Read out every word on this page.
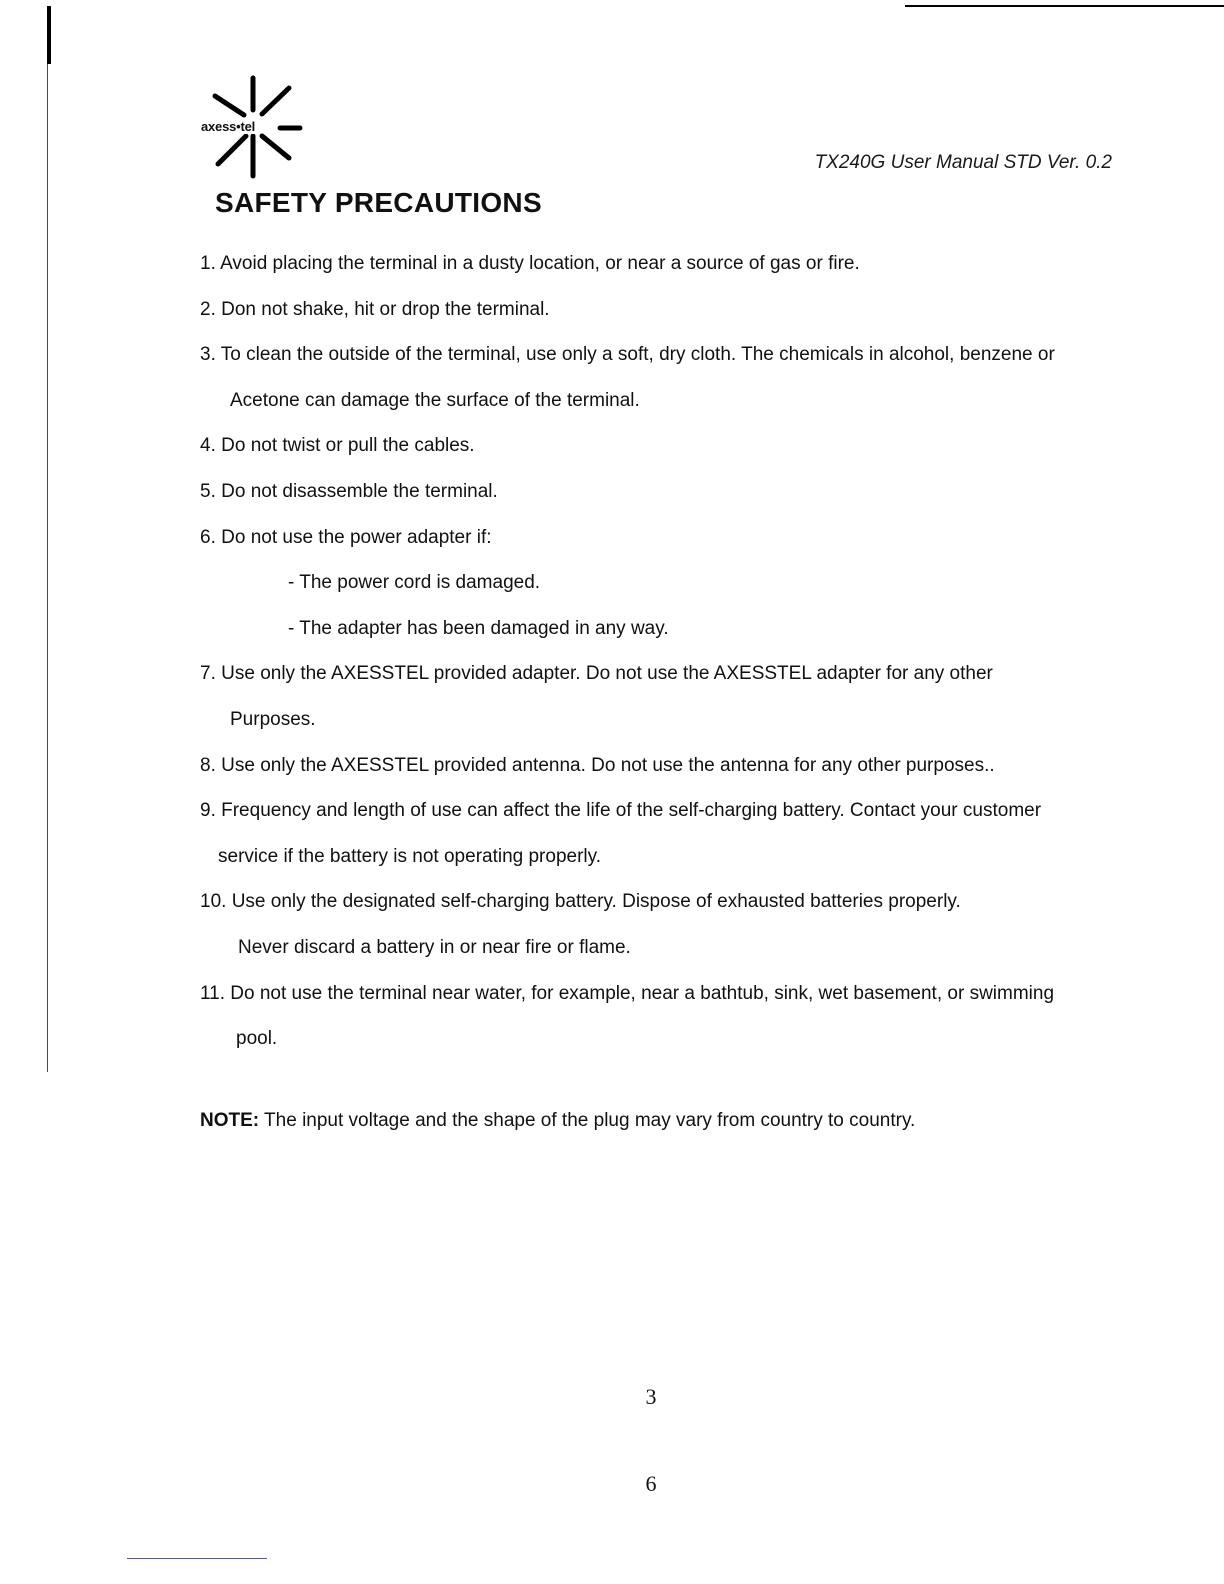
axess•tel
TX240G User Manual STD Ver. 0.2
SAFETY PRECAUTIONS
1. Avoid placing the terminal in a dusty location, or near a source of gas or fire.
2. Don not shake, hit or drop the terminal.
3. To clean the outside of the terminal, use only a soft, dry cloth. The chemicals in alcohol, benzene or
Acetone can damage the surface of the terminal.
4. Do not twist or pull the cables.
5. Do not disassemble the terminal.
6. Do not use the power adapter if:
- The power cord is damaged.
- The adapter has been damaged in any way.
7. Use only the AXESSTEL provided adapter. Do not use the AXESSTEL adapter for any other
Purposes.
8. Use only the AXESSTEL provided antenna. Do not use the antenna for any other purposes..
9. Frequency and length of use can affect the life of the self-charging battery. Contact your customer
service if the battery is not operating properly.
10. Use only the designated self-charging battery. Dispose of exhausted batteries properly.
Never discard a battery in or near fire or flame.
11. Do not use the terminal near water, for example, near a bathtub, sink, wet basement, or swimming
pool.

NOTE: The input voltage and the shape of the plug may vary from country to country.

3
6
